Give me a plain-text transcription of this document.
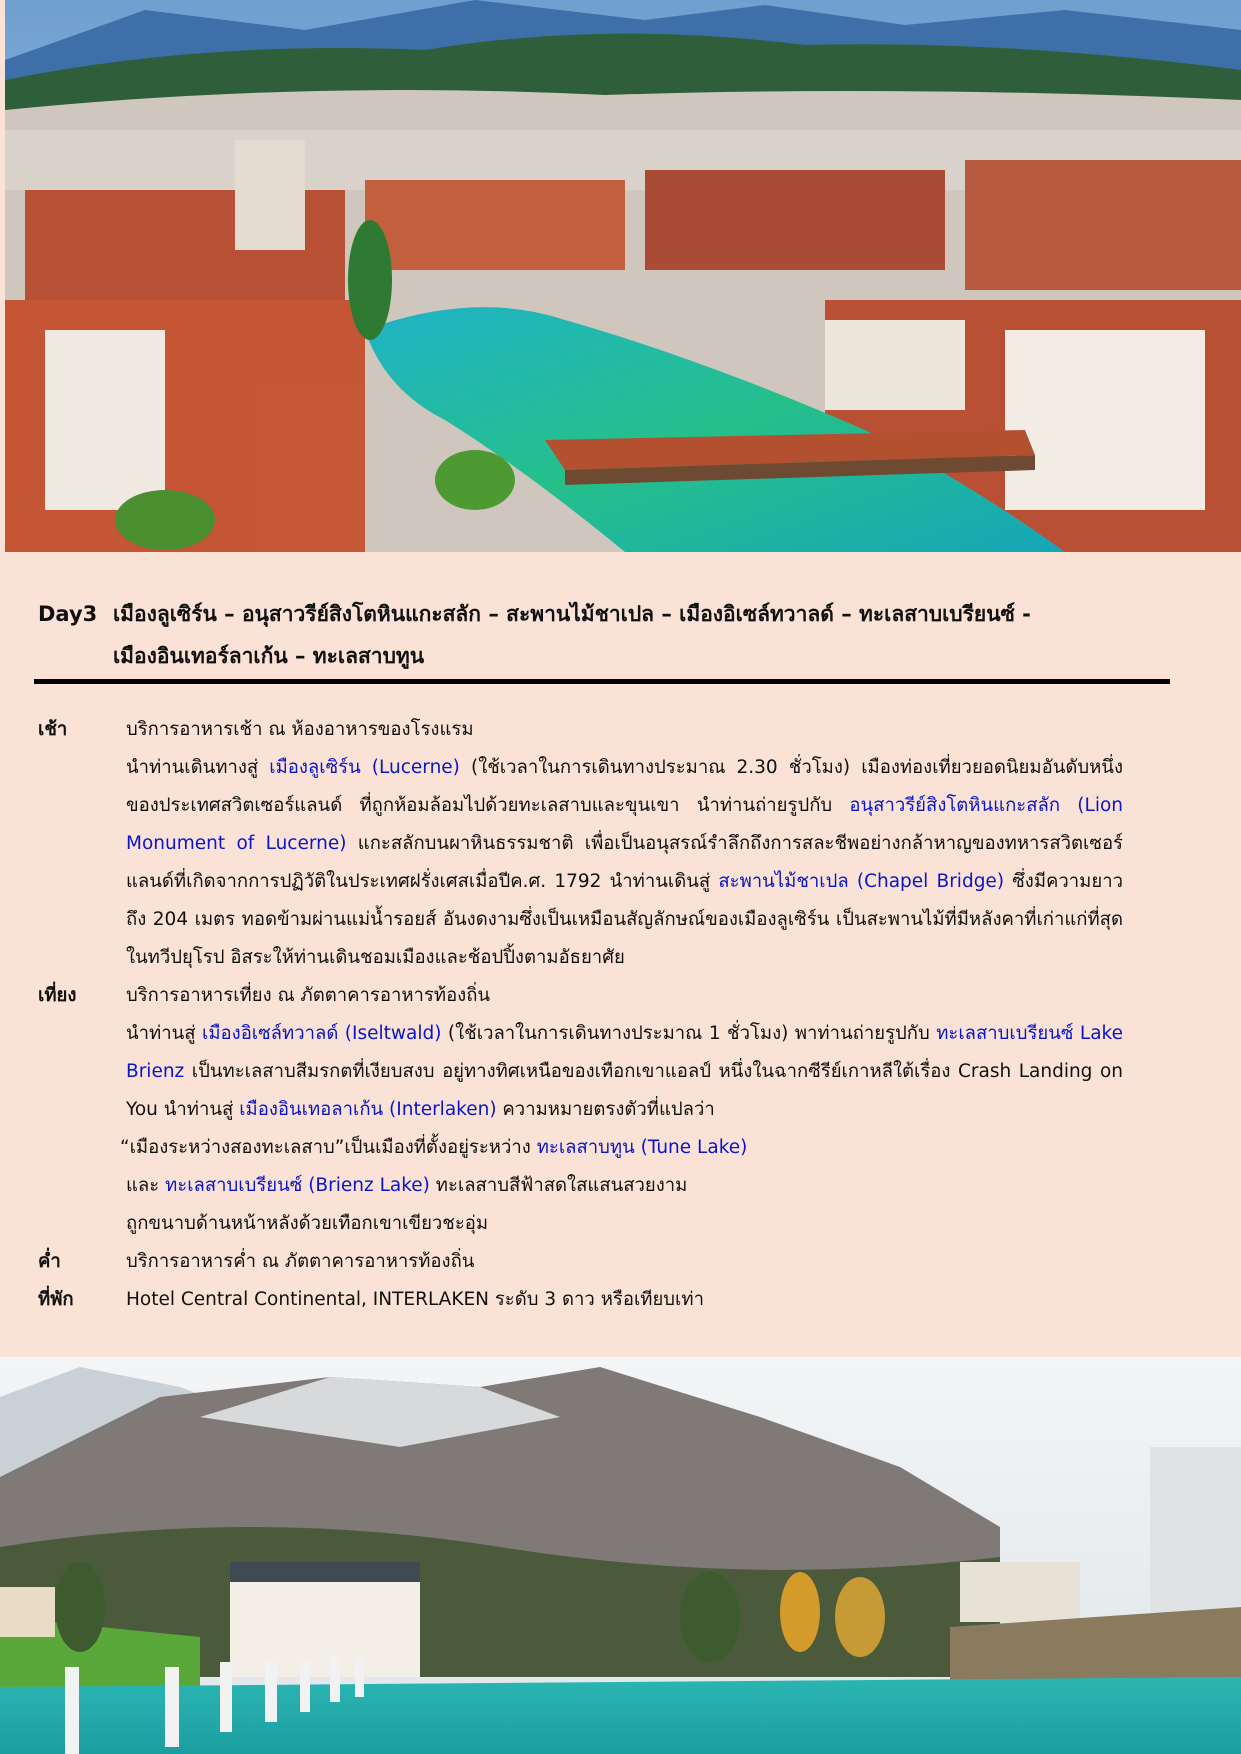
Day3 เมืองลูเซิร์น – อนุสาวรีย์สิงโตหินแกะสลัก – สะพานไม้ชาเปล – เมืองอิเซล์ทวาลด์ – ทะเลสาบเบรียนซ์ -
เมืองอินเทอร์ลาเก้น – ทะเลสาบทูน
เช้า	บริการอาหารเช้า ณ ห้องอาหารของโรงแรม
นำท่านเดินทางสู่ เมืองลูเซิร์น (Lucerne) (ใช้เวลาในการเดินทางประมาณ 2.30 ชั่วโมง) เมืองท่องเที่ยวยอดนิยมอันดับหนึ่งของประเทศสวิตเซอร์แลนด์ ที่ถูกห้อมล้อมไปด้วยทะเลสาบและขุนเขา นำท่านถ่ายรูปกับ อนุสาวรีย์สิงโตหินแกะสลัก (Lion Monument of Lucerne) แกะสลักบนผาหินธรรมชาติ เพื่อเป็นอนุสรณ์รำลึกถึงการสละชีพอย่างกล้าหาญของทหารสวิตเซอร์แลนด์ที่เกิดจากการปฏิวัติในประเทศฝรั่งเศสเมื่อปีค.ศ. 1792 นำท่านเดินสู่ สะพานไม้ชาเปล (Chapel Bridge) ซึ่งมีความยาวถึง 204 เมตร ทอดข้ามผ่านแม่น้ำรอยส์ อันงดงามซึ่งเป็นเหมือนสัญลักษณ์ของเมืองลูเซิร์น เป็นสะพานไม้ที่มีหลังคาที่เก่าแก่ที่สุดในทวีปยุโรป อิสระให้ท่านเดินชอมเมืองและช้อปปิ้งตามอัธยาศัย
เที่ยง	บริการอาหารเที่ยง ณ ภัตตาคารอาหารท้องถิ่น
นำท่านสู่ เมืองอิเซล์ทวาลด์ (Iseltwald) (ใช้เวลาในการเดินทางประมาณ 1 ชั่วโมง) พาท่านถ่ายรูปกับ ทะเลสาบเบรียนซ์ Lake Brienz เป็นทะเลสาบสีมรกตที่เงียบสงบ อยู่ทางทิศเหนือของเทือกเขาแอลป์ หนึ่งในฉากซีรีย์เกาหลีใต้เรื่อง Crash Landing on You นำท่านสู่ เมืองอินเทอลาเก้น (Interlaken) ความหมายตรงตัวที่แปลว่า
“เมืองระหว่างสองทะเลสาบ”เป็นเมืองที่ตั้งอยู่ระหว่าง ทะเลสาบทูน (Tune Lake)
และ ทะเลสาบเบรียนซ์ (Brienz Lake) ทะเลสาบสีฟ้าสดใสแสนสวยงาม
ถูกขนาบด้านหน้าหลังด้วยเทือกเขาเขียวชะอุ่ม
ค่ำ	บริการอาหารค่ำ ณ ภัตตาคารอาหารท้องถิ่น
ที่พัก	Hotel Central Continental, INTERLAKEN ระดับ 3 ดาว หรือเทียบเท่า
